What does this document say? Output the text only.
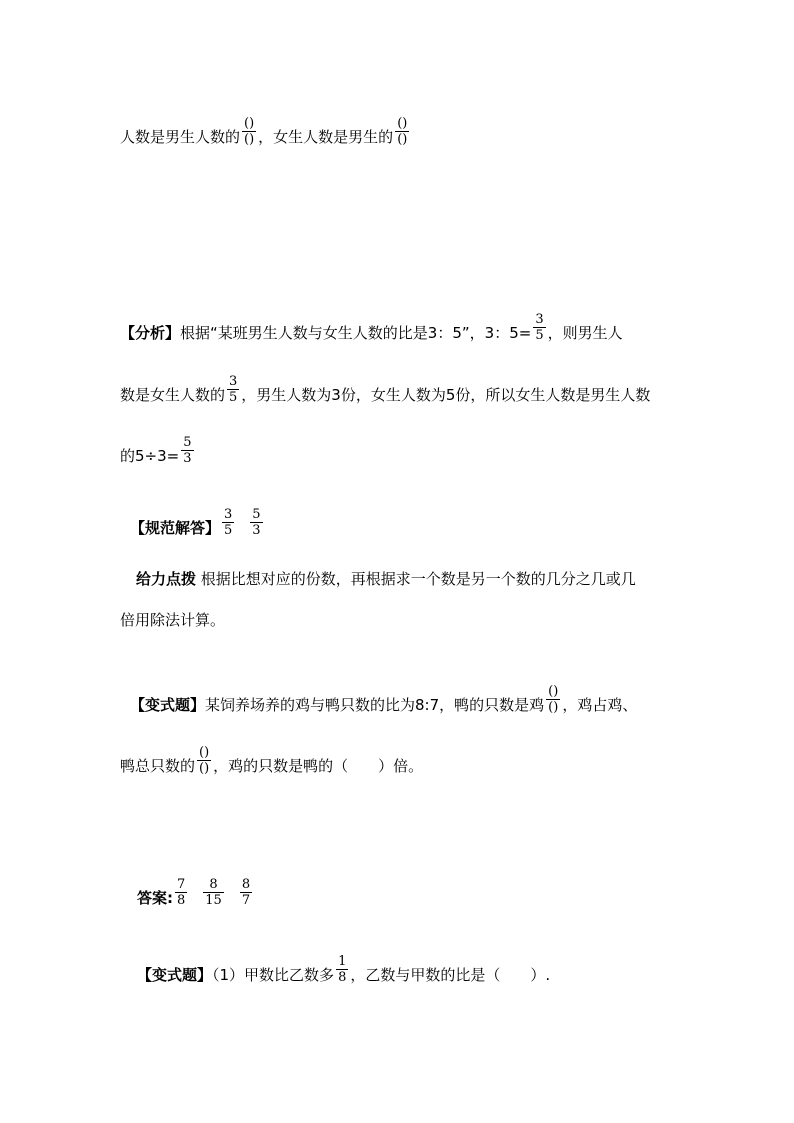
人数是男生人数的 $\frac{()}{()}$ ，女生人数是男生的 $\frac{()}{()}$
【分析】根据“某班男生人数与女生人数的比是3：5”，3：$5= \frac{3}{5}$ ，则男生人
数是女生人数的 $\frac{3}{5}$ ，男生人数为3份，女生人数为5份，所以女生人数是男生人数
的$5\div 3= \frac{5}{3}$
【规范解答】 $\frac{3}{5} \frac{5}{3}$
给力点拨 根据比想对应的份数，再根据求一个数是另一个数的几分之几或几
倍用除法计算。
【变式题】某饲养场养的鸡与鸭只数的比为8:7，鸭的只数是鸡 $\frac{()}{()}$ ，鸡占鸡、
鸭总只数的 $\frac{()}{()}$ ，鸡的只数是鸭的（　　）倍。
答案: $\frac{7}{8} \frac{8}{15} \frac{8}{7}$
【变式题】（1）甲数比乙数多 $\frac{1}{8}$ ，乙数与甲数的比是（　　）.
